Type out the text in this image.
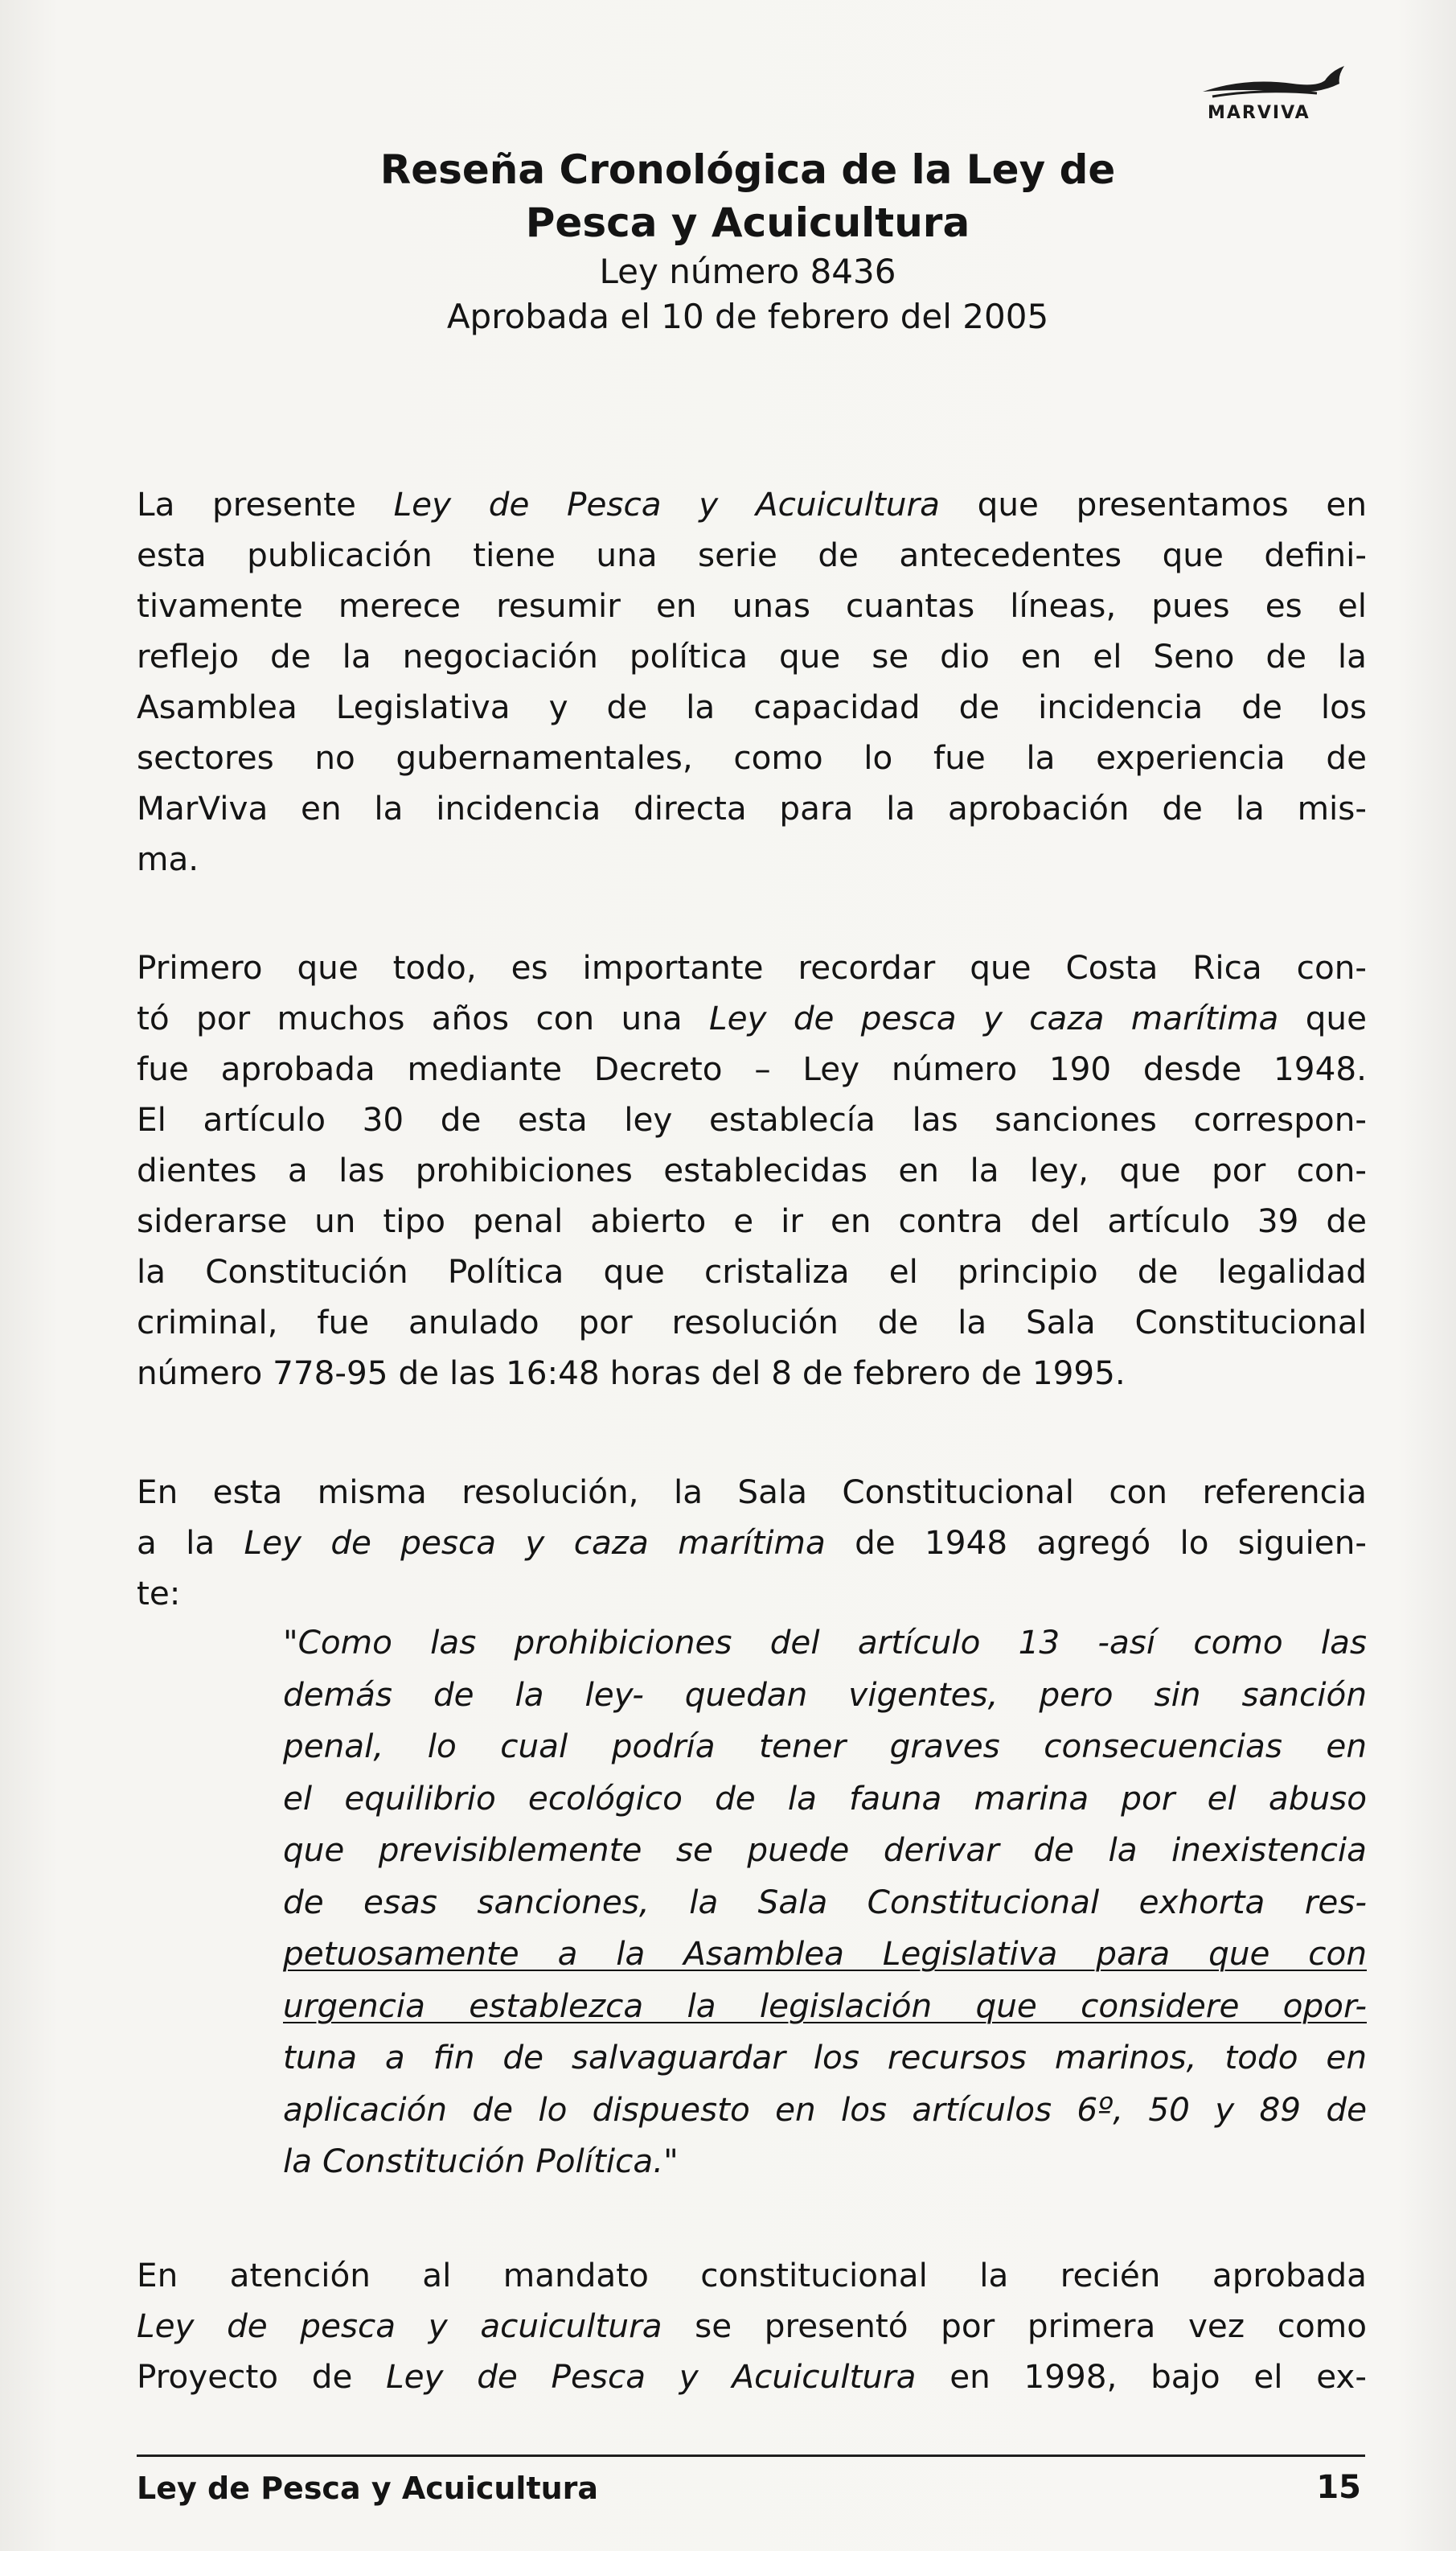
MARVIVA
Reseña Cronológica de la Ley de
Pesca y Acuicultura
Ley número 8436
Aprobada el 10 de febrero del 2005
La presente Ley de Pesca y Acuicultura que presentamos en
esta publicación tiene una serie de antecedentes que defini-
tivamente merece resumir en unas cuantas líneas, pues es el
reflejo de la negociación política que se dio en el Seno de la
Asamblea Legislativa y de la capacidad de incidencia de los
sectores no gubernamentales, como lo fue la experiencia de
MarViva en la incidencia directa para la aprobación de la mis-
ma.
Primero que todo, es importante recordar que Costa Rica con-
tó por muchos años con una Ley de pesca y caza marítima que
fue aprobada mediante Decreto – Ley número 190 desde 1948.
El artículo 30 de esta ley establecía las sanciones correspon-
dientes a las prohibiciones establecidas en la ley, que por con-
siderarse un tipo penal abierto e ir en contra del artículo 39 de
la Constitución Política que cristaliza el principio de legalidad
criminal, fue anulado por resolución de la Sala Constitucional
número 778-95 de las 16:48 horas del 8 de febrero de 1995.
En esta misma resolución, la Sala Constitucional con referencia
a la Ley de pesca y caza marítima de 1948 agregó lo siguien-
te:
"Como las prohibiciones del artículo 13 -así como las
demás de la ley- quedan vigentes, pero sin sanción
penal, lo cual podría tener graves consecuencias en
el equilibrio ecológico de la fauna marina por el abuso
que previsiblemente se puede derivar de la inexistencia
de esas sanciones, la Sala Constitucional exhorta res-
petuosamente a la Asamblea Legislativa para que con
urgencia establezca la legislación que considere opor-
tuna a fin de salvaguardar los recursos marinos, todo en
aplicación de lo dispuesto en los artículos 6º, 50 y 89 de
la Constitución Política."
En atención al mandato constitucional la recién aprobada
Ley de pesca y acuicultura se presentó por primera vez como
Proyecto de Ley de Pesca y Acuicultura en 1998, bajo el ex-
Ley de Pesca y Acuicultura	15
